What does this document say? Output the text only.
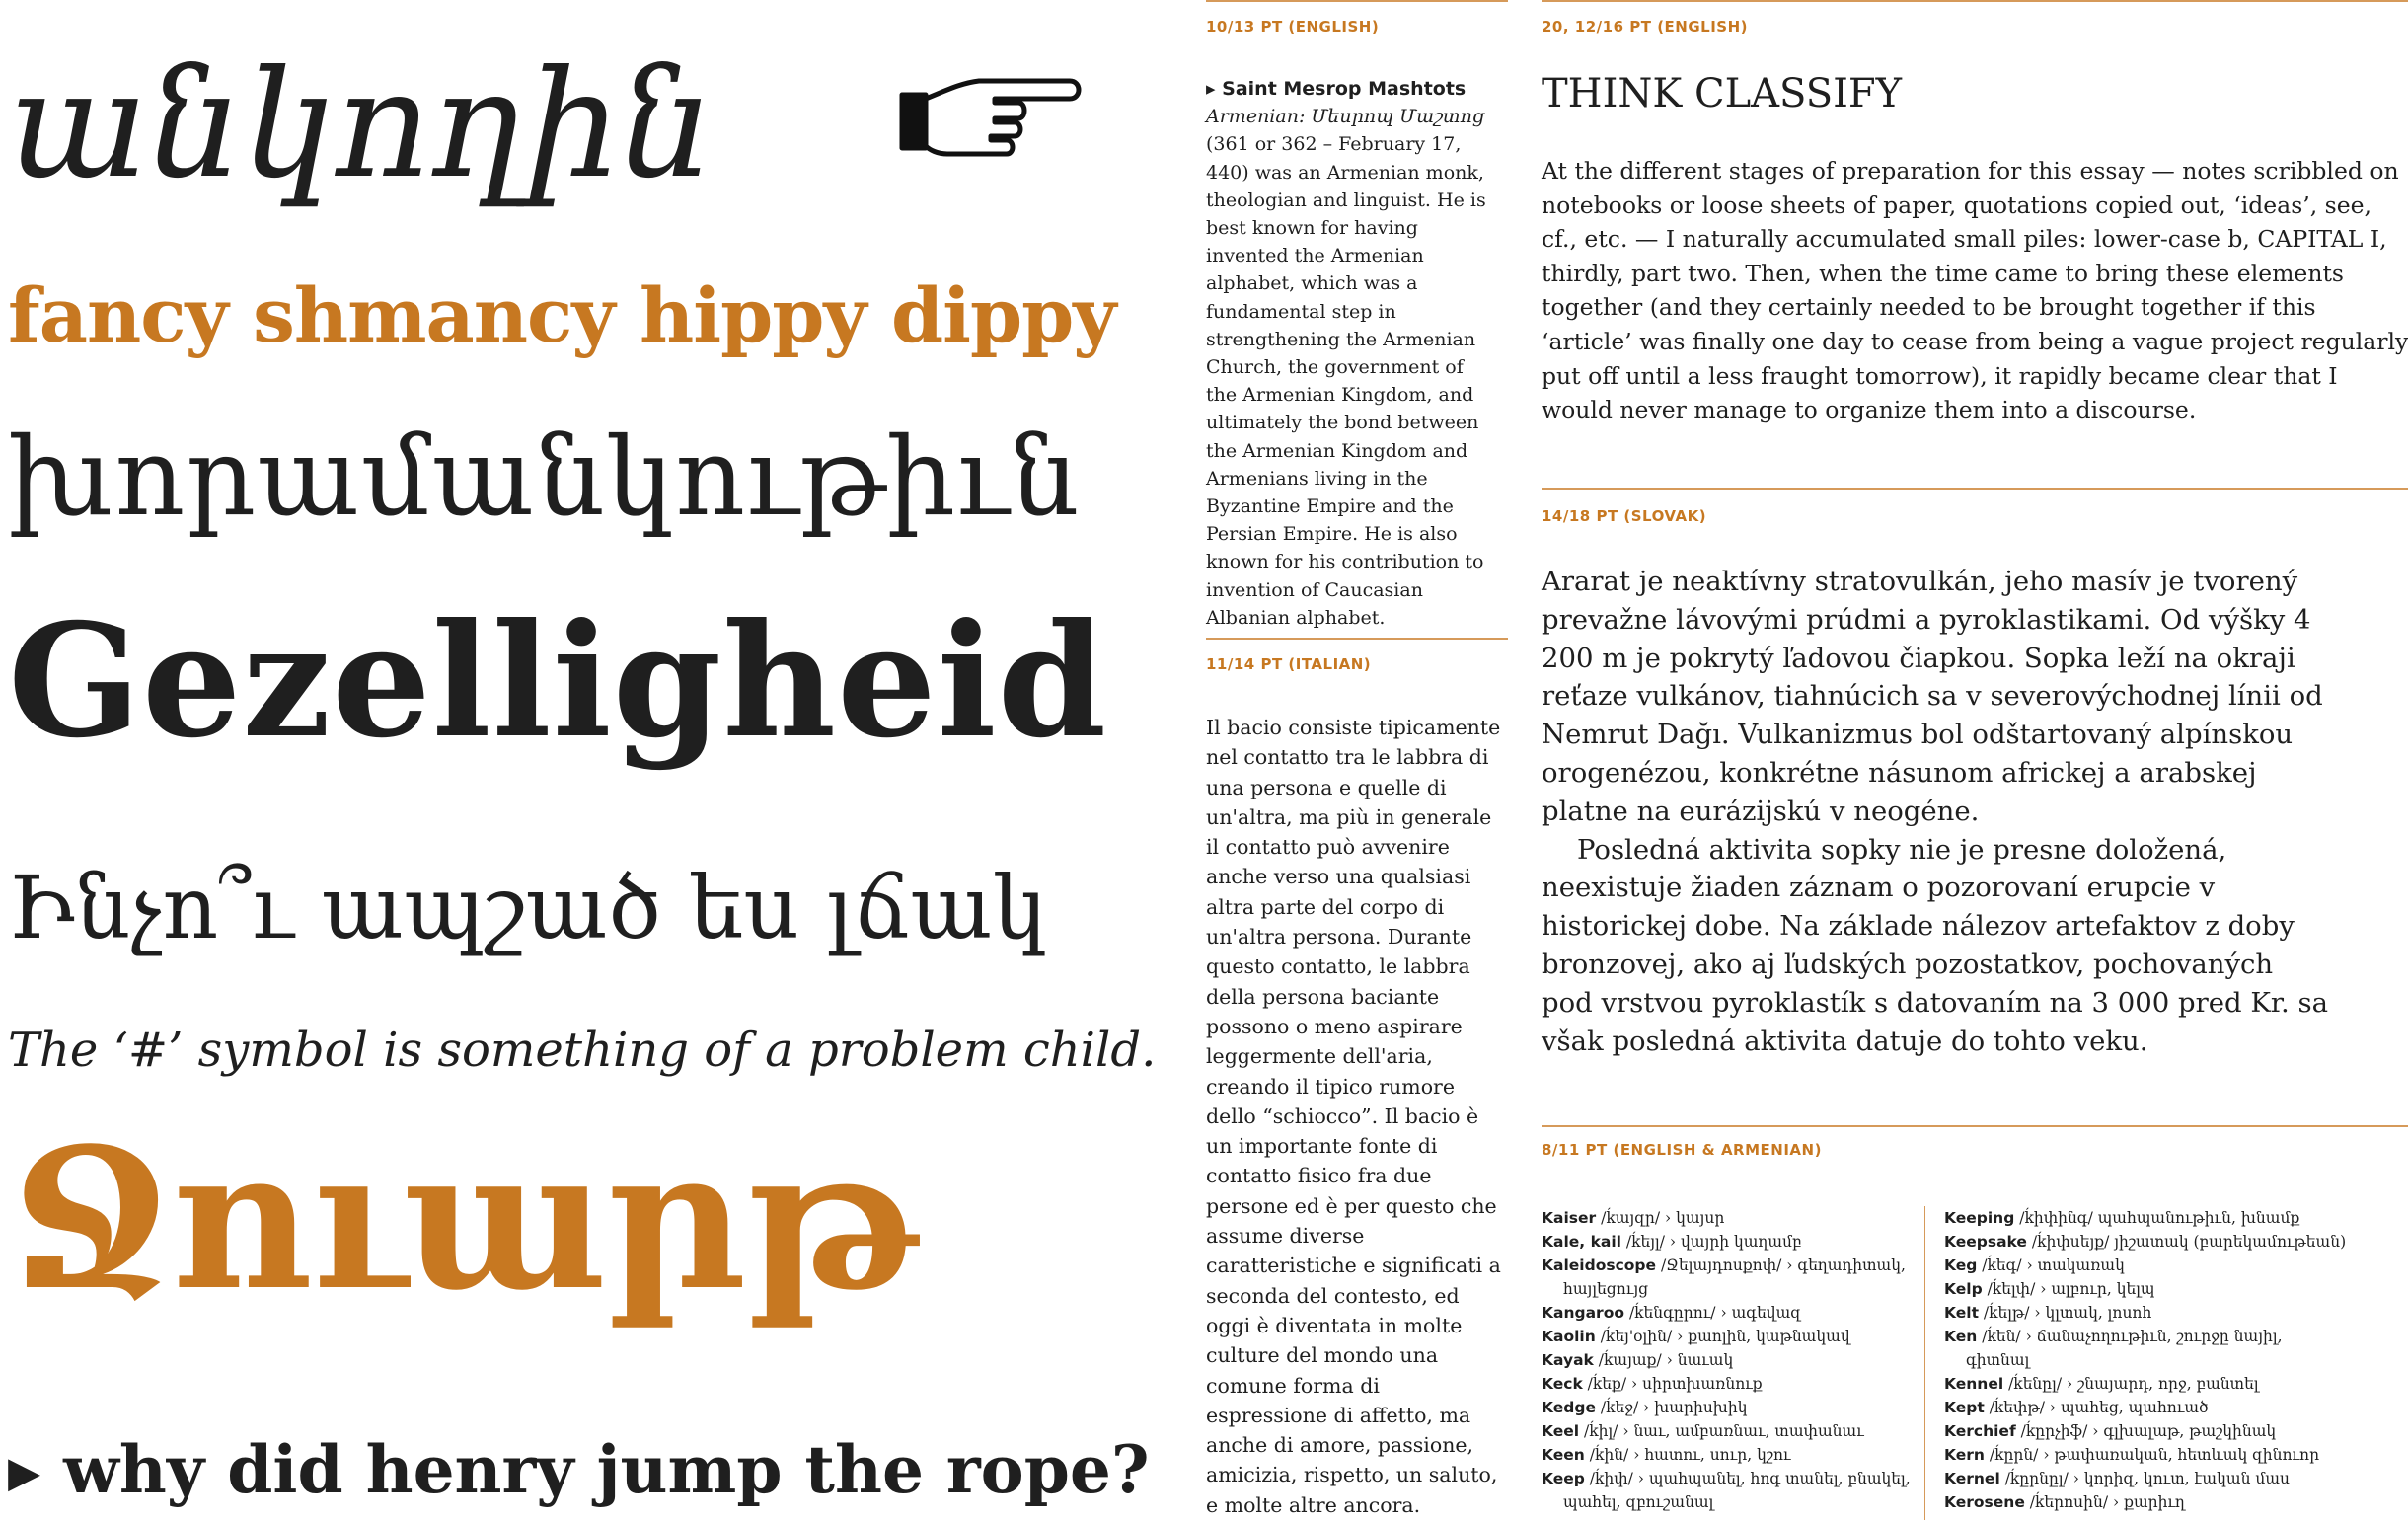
անկողին
fancy shmancy hippy dippy
խորամանկութիւն
Gezelligheid
Ինչո՞ւ ապշած ես լճակ
The ‘#’ symbol is something of a problem child.
Ջուարթ
▸ why did henry jump the rope?
10/13 PT (ENGLISH)	20, 12/16 PT (ENGLISH)
11/14 PT (ITALIAN)
14/18 PT (SLOVAK)
8/11 PT (ENGLISH & ARMENIAN)
▸ Saint Mesrop Mashtots
Armenian: Մեսրոպ Մաշտոց (361 or 362 – February 17, 440) was an Armenian monk, theologian and linguist. He is best known for having invented the Armenian alphabet, which was a fundamental step in strengthening the Armenian Church, the government of the Armenian Kingdom, and ultimately the bond between the Armenian Kingdom and Armenians living in the Byzantine Empire and the Persian Empire. He is also known for his contribution to invention of Caucasian Albanian alphabet.
Il bacio consiste tipicamente nel contatto tra le labbra di una persona e quelle di un'altra, ma più in generale il contatto può avvenire anche verso una qualsiasi altra parte del corpo di un'altra persona. Durante questo contatto, le labbra della persona baciante possono o meno aspirare leggermente dell'aria, creando il tipico rumore dello “schiocco”. Il bacio è un importante fonte di contatto fisico fra due persone ed è per questo che assume diverse caratteristiche e significati a seconda del contesto, ed oggi è diventata in molte culture del mondo una comune forma di espressione di affetto, ma anche di amore, passione, amicizia, rispetto, un saluto, e molte altre ancora.
THINK CLASSIFY
At the different stages of preparation for this essay — notes scribbled on notebooks or loose sheets of paper, quotations copied out, ‘ideas’, see, cf., etc. — I naturally accumulated small piles: lower-case b, CAPITAL I, thirdly, part two. Then, when the time came to bring these elements together (and they certainly needed to be brought together if this ‘article’ was finally one day to cease from being a vague project regularly put off until a less fraught tomorrow), it rapidly became clear that I would never manage to organize them into a discourse.

Ararat je neaktívny stratovulkán, jeho masív je tvorený prevažne lávovými prúdmi a pyroklastikami. Od výšky 4 200 m je pokrytý ľadovou čiapkou. Sopka leží na okraji reťaze vulkánov, tiahnúcich sa v severovýchodnej línii od Nemrut Dağı. Vulkanizmus bol odštartovaný alpínskou orogenézou, konkrétne násunom africkej a arabskej platne na eurázijskú v neogéne.

Posledná aktivita sopky nie je presne doložená, neexistuje žiaden záznam o pozorovaní erupcie v historickej dobe. Na základe nálezov artefaktov z doby bronzovej, ako aj ľudských pozostatkov, pochovaných pod vrstvou pyroklastík s datovaním na 3 000 pred Kr. sa však posledná aktivita datuje do tohto veku.

Kaiser /ḱայզր/ › կայսր
Kale, kail /ḱեյլ/ › վայրի կաղամբ
Kaleidoscope /Ջելայդոսքոփ/ › գեղադիտակ,
հայլեցույց
Kangaroo /ḱենգըրու/ › ագեվազ
Kaolin /ḱեյ'օլին/ › քաոլին, կաթնակավ
Kayak /ḱայաք/ › նաւակ
Keck /ḱեք/ › սիրտխառնուք
Kedge /ḱեջ/ › խարիսխիկ
Keel /ḱիլ/ › նաւ, ամբառնաւ, տափանաւ
Keen /ḱին/ › հատու, սուր, կշու
Keep /ḱիփ/ › պահպանել, հոգ տանել, բնակել,
պահել, զբուշանալ
Keeping /ḱիփինգ/ պահպանութիւն, խնամք
Keepsake /ḱիփսեյք/ յիշատակ (բարեկամութեան)
Keg /ḱեգ/ › տակառակ
Kelp /ḱելփ/ › ալբուր, կելպ
Kelt /ḱելթ/ › կլտակ, լոսոհ
Ken /ḱեն/ › ճանաչողութիւն, շուրջը նայիլ,
գիտնալ
Kennel /ḱենըլ/ › շնայարդ, որջ, բանտել
Kept /ḱեփթ/ › պահեց, պահուած
Kerchief /ḱըրչիֆ/ › գլխալաթ, թաշկինակ
Kern /ḱըրն/ › թափառական, հետևակ զինուոր
Kernel /ḱըրնըլ/ › կորիզ, կուտ, էական մաս
Kerosene /ḱերոսին/ › քարիւղ
